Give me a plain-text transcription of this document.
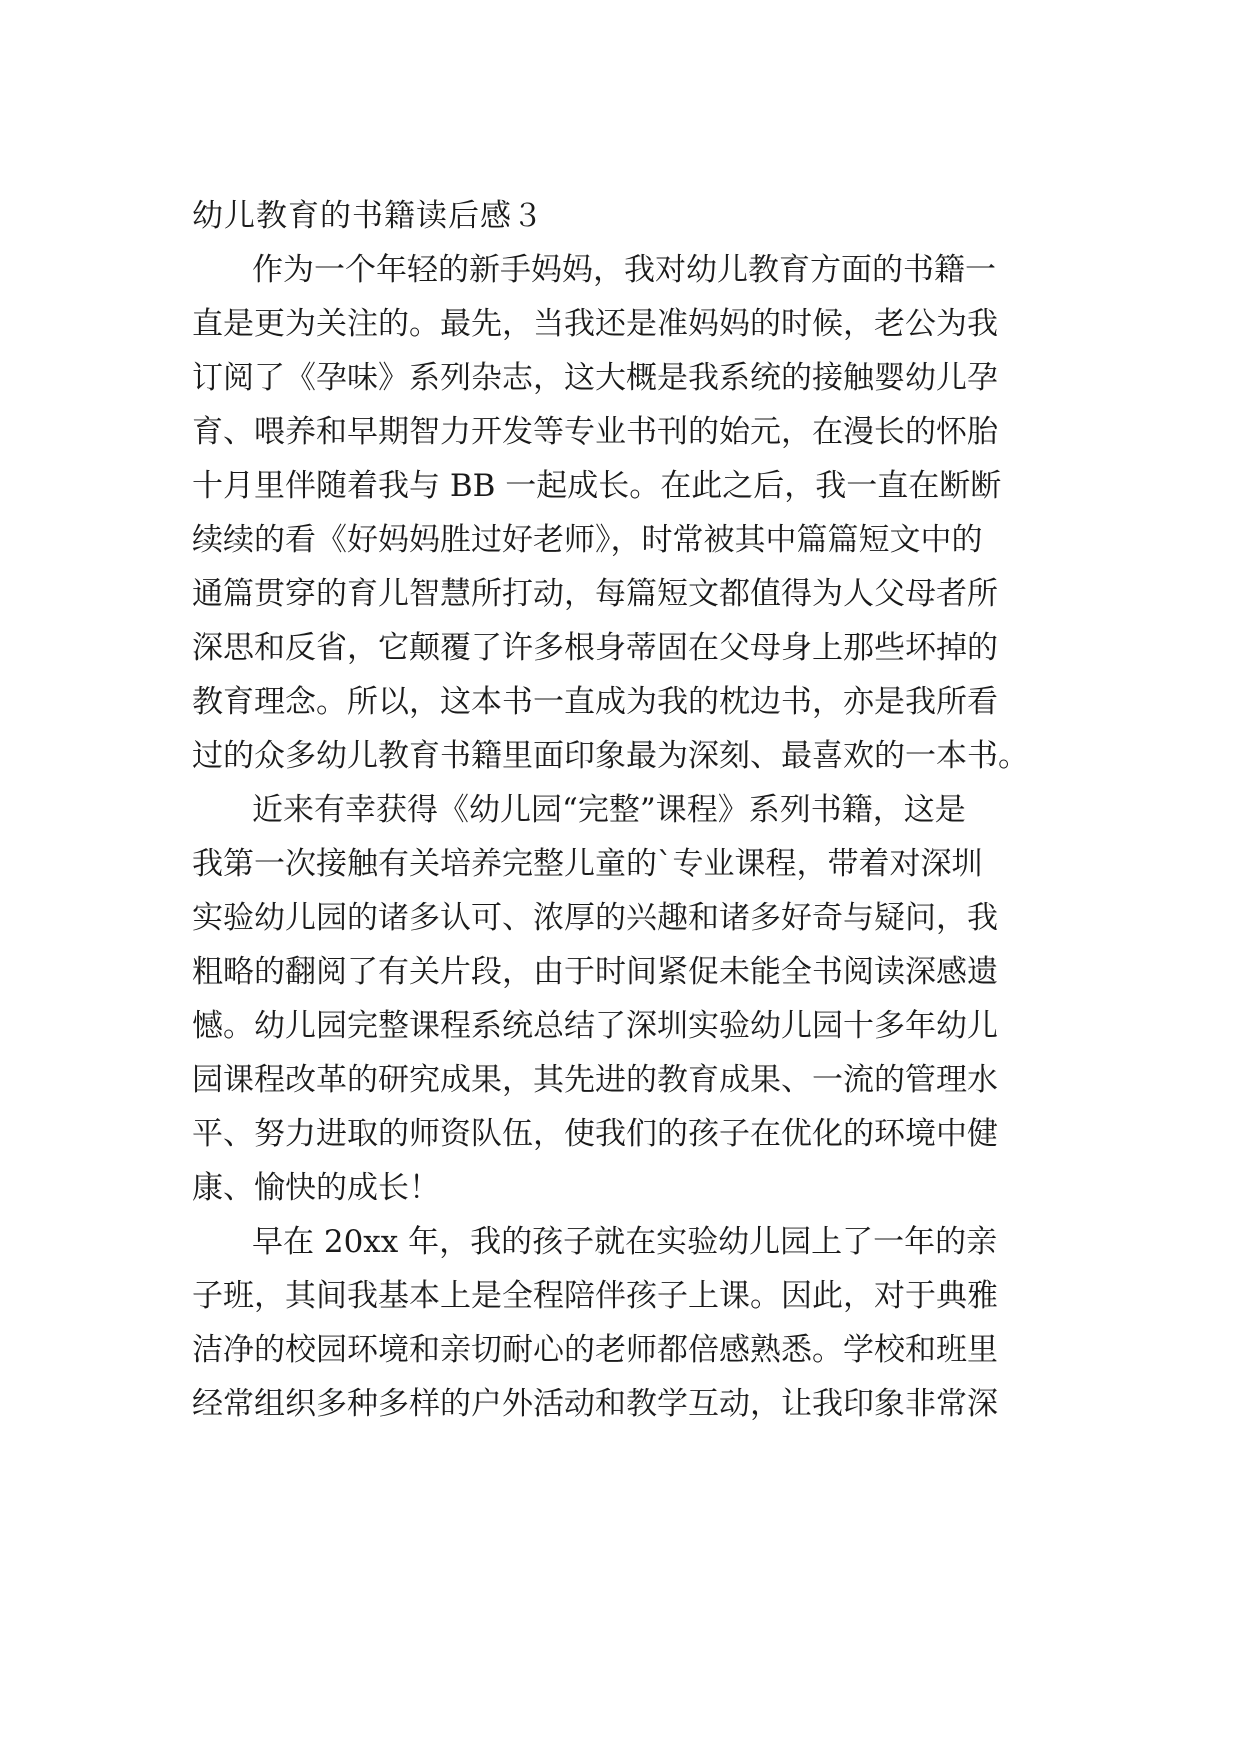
幼儿教育的书籍读后感３
作为一个年轻的新手妈妈，我对幼儿教育方面的书籍一
直是更为关注的。最先，当我还是准妈妈的时候，老公为我
订阅了《孕味》系列杂志，这大概是我系统的接触婴幼儿孕
育、喂养和早期智力开发等专业书刊的始元，在漫长的怀胎
十月里伴随着我与 BB 一起成长。在此之后，我一直在断断
续续的看《好妈妈胜过好老师》，时常被其中篇篇短文中的
通篇贯穿的育儿智慧所打动，每篇短文都值得为人父母者所
深思和反省，它颠覆了许多根身蒂固在父母身上那些坏掉的
教育理念。所以，这本书一直成为我的枕边书，亦是我所看
过的众多幼儿教育书籍里面印象最为深刻、最喜欢的一本书。
近来有幸获得《幼儿园“完整”课程》系列书籍，这是
我第一次接触有关培养完整儿童的`专业课程，带着对深圳
实验幼儿园的诸多认可、浓厚的兴趣和诸多好奇与疑问，我
粗略的翻阅了有关片段，由于时间紧促未能全书阅读深感遗
憾。幼儿园完整课程系统总结了深圳实验幼儿园十多年幼儿
园课程改革的研究成果，其先进的教育成果、一流的管理水
平、努力进取的师资队伍，使我们的孩子在优化的环境中健
康、愉快的成长！
早在 20xx 年，我的孩子就在实验幼儿园上了一年的亲
子班，其间我基本上是全程陪伴孩子上课。因此，对于典雅
洁净的校园环境和亲切耐心的老师都倍感熟悉。学校和班里
经常组织多种多样的户外活动和教学互动，让我印象非常深
